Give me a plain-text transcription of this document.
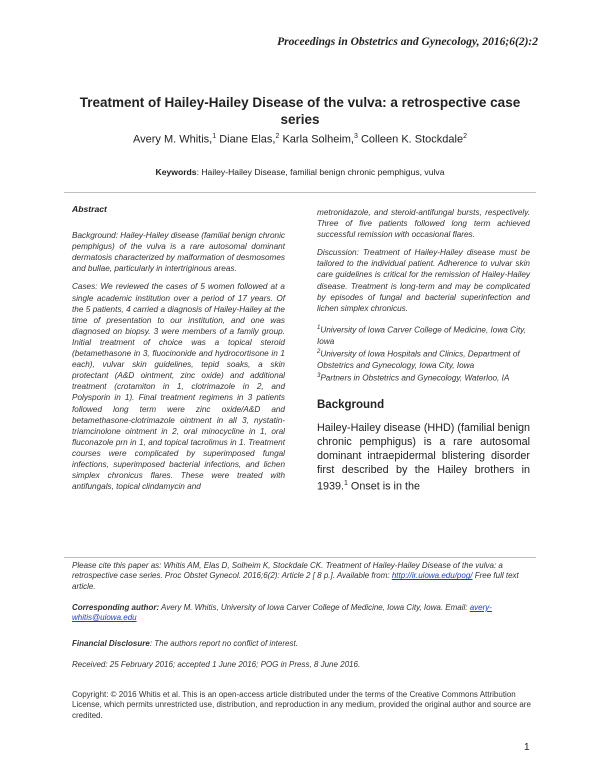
Proceedings in Obstetrics and Gynecology, 2016;6(2):2
Treatment of Hailey-Hailey Disease of the vulva: a retrospective case series
Avery M. Whitis,$^1$ Diane Elas,$^2$ Karla Solheim,$^3$ Colleen K. Stockdale$^2$
Keywords: Hailey-Hailey Disease, familial benign chronic pemphigus, vulva
Abstract
Background: Hailey-Hailey disease (familial benign chronic pemphigus) of the vulva is a rare autosomal dominant dermatosis characterized by malformation of desmosomes and bullae, particularly in intertriginous areas.
Cases: We reviewed the cases of 5 women followed at a single academic institution over a period of 17 years. Of the 5 patients, 4 carried a diagnosis of Hailey-Hailey at the time of presentation to our institution, and one was diagnosed on biopsy. 3 were members of a family group. Initial treatment of choice was a topical steroid (betamethasone in 3, fluocinonide and hydrocortisone in 1 each), vulvar skin guidelines, tepid soaks, a skin protectant (A&D ointment, zinc oxide) and additional treatment (crotamiton in 1, clotrimazole in 2, and Polysporin in 1). Final treatment regimens in 3 patients followed long term were zinc oxide/A&D and betamethasone-clotrimazole ointment in all 3, nystatin-triamcinolone ointment in 2, oral minocycline in 1, oral fluconazole prn in 1, and topical tacrolimus in 1. Treatment courses were complicated by superimposed fungal infections, superimposed bacterial infections, and lichen simplex chronicus flares. These were treated with antifungals, topical clindamycin and
metronidazole, and steroid-antifungal bursts, respectively. Three of five patients followed long term achieved successful remission with occasional flares.
Discussion: Treatment of Hailey-Hailey disease must be tailored to the individual patient. Adherence to vulvar skin care guidelines is critical for the remission of Hailey-Hailey disease. Treatment is long-term and may be complicated by episodes of fungal and bacterial superinfection and lichen simplex chronicus.
$^1$University of Iowa Carver College of Medicine, Iowa City, Iowa
$^2$University of Iowa Hospitals and Clinics, Department of Obstetrics and Gynecology, Iowa City, Iowa
$^3$Partners in Obstetrics and Gynecology, Waterloo, IA
Background
Hailey-Hailey disease (HHD) (familial benign chronic pemphigus) is a rare autosomal dominant intraepidermal blistering disorder first described by the Hailey brothers in 1939.$^1$ Onset is in the
Please cite this paper as: Whitis AM, Elas D, Solheim K, Stockdale CK. Treatment of Hailey-Hailey Disease of the vulva: a retrospective case series. Proc Obstet Gynecol. 2016;6(2): Article 2 [ 8 p.]. Available from: http://ir.uiowa.edu/pog/ Free full text article.
Corresponding author: Avery M. Whitis, University of Iowa Carver College of Medicine, Iowa City, Iowa. Email: avery-whitis@uiowa.edu
Financial Disclosure: The authors report no conflict of interest.
Received: 25 February 2016; accepted 1 June 2016; POG in Press, 8 June 2016.
Copyright: © 2016 Whitis et al. This is an open-access article distributed under the terms of the Creative Commons Attribution License, which permits unrestricted use, distribution, and reproduction in any medium, provided the original author and source are credited.
1
